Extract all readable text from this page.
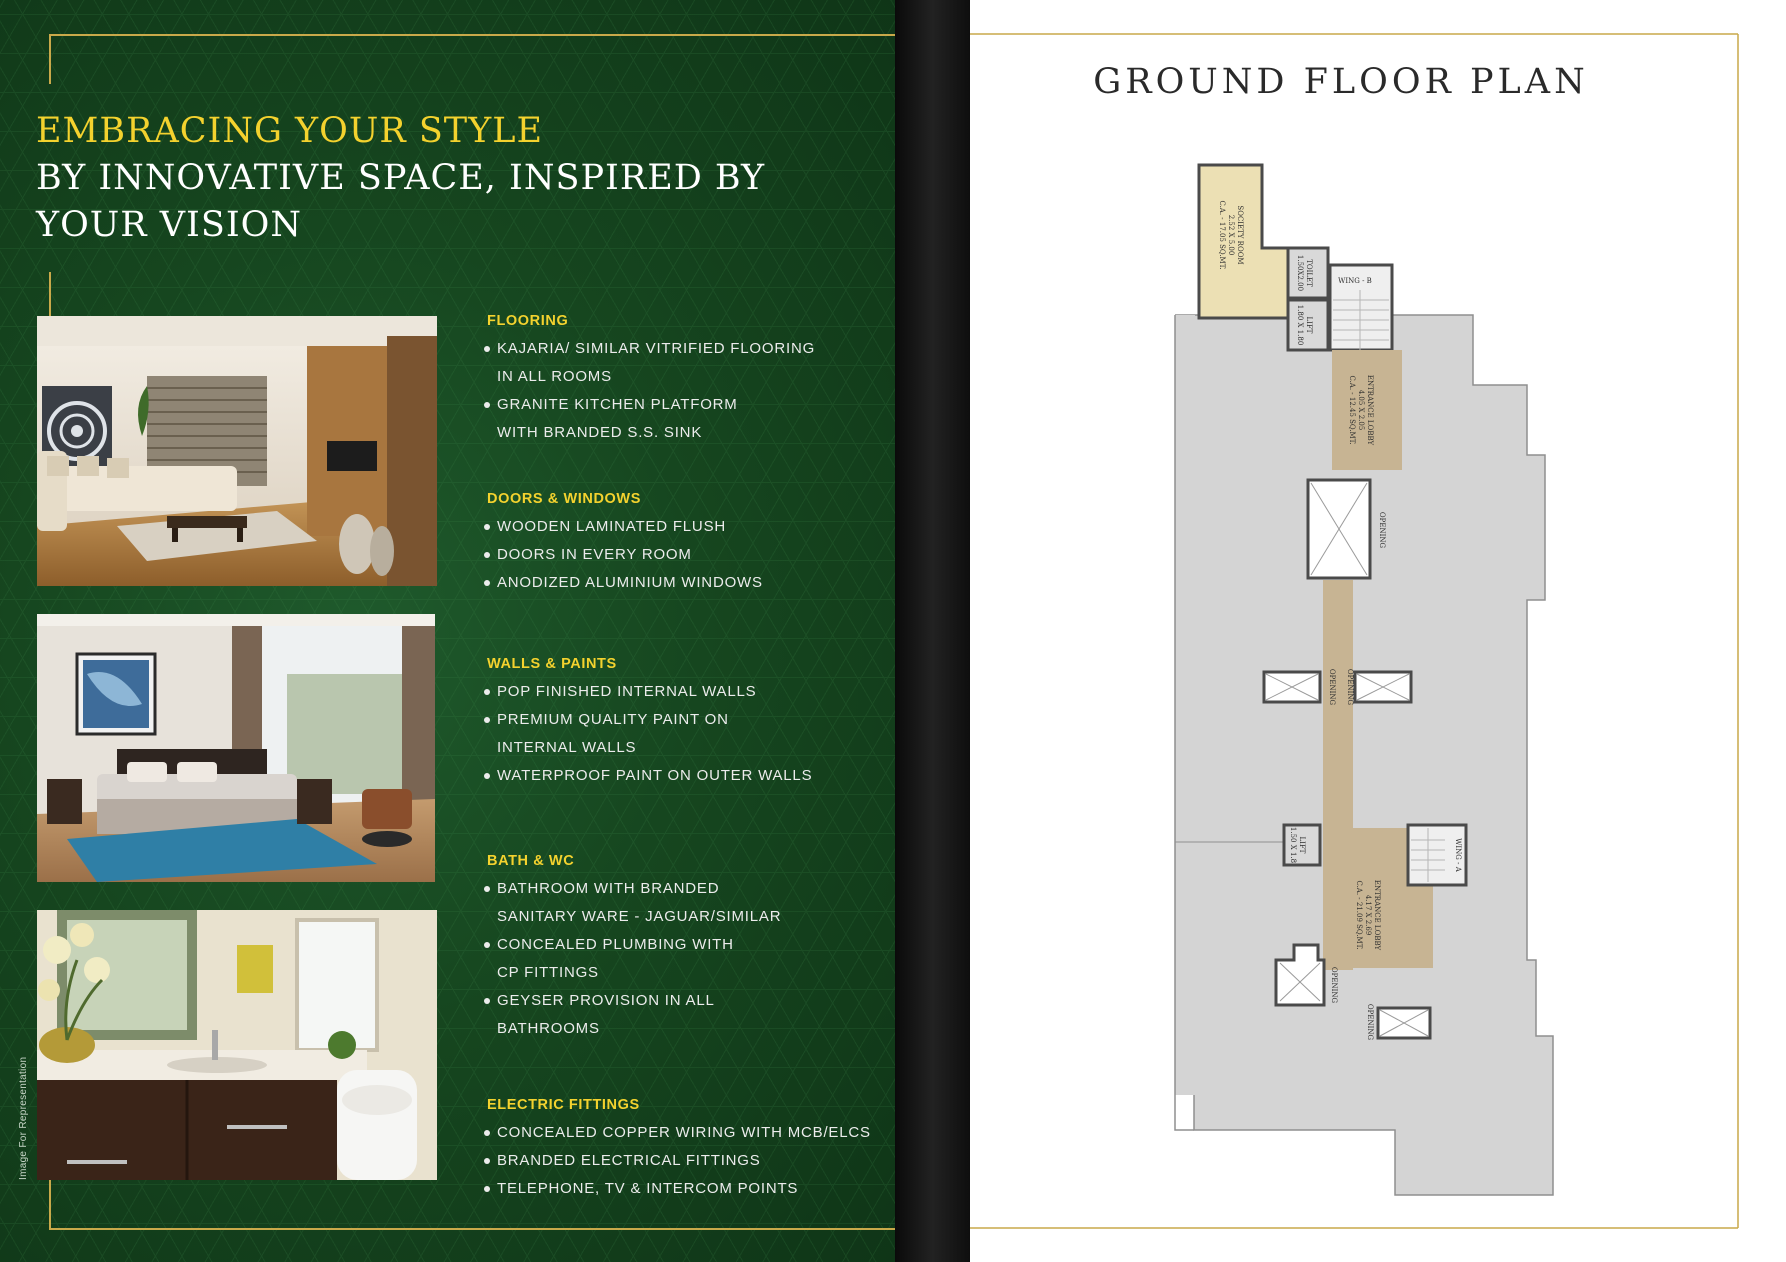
EMBRACING YOUR STYLE
BY INNOVATIVE SPACE, INSPIRED BY
YOUR VISION
FLOORING
KAJARIA/ SIMILAR VITRIFIED FLOORING
IN ALL ROOMS
GRANITE KITCHEN PLATFORM
WITH BRANDED S.S. SINK
DOORS & WINDOWS
WOODEN LAMINATED FLUSH
DOORS IN EVERY ROOM
ANODIZED ALUMINIUM WINDOWS
WALLS & PAINTS
POP FINISHED INTERNAL WALLS
PREMIUM QUALITY PAINT ON
INTERNAL WALLS
WATERPROOF PAINT ON OUTER WALLS
BATH & WC
BATHROOM WITH BRANDED
SANITARY WARE - JAGUAR/SIMILAR
CONCEALED PLUMBING WITH
CP FITTINGS
GEYSER PROVISION IN ALL
BATHROOMS
ELECTRIC FITTINGS
CONCEALED COPPER WIRING WITH MCB/ELCS
BRANDED ELECTRICAL FITTINGS
TELEPHONE, TV & INTERCOM POINTS
Image For Representation
GROUND FLOOR PLAN
SOCIETY ROOM2.52 X 5.00C.A. - 17.05 SQ.MT.
TOILET1.50X2.00
LIFT1.80 X 1.80
WING - B
ENTRANCE LOBBY4.05 X 2.05C.A. - 12.45 SQ.MT.
OPENING
OPENING OPENING
LIFT1.50 X 1.8	WING - A
ENTRANCE LOBBY4.17 X 2.69C.A. - 21.09 SQ.MT.
OPENING
OPENING
